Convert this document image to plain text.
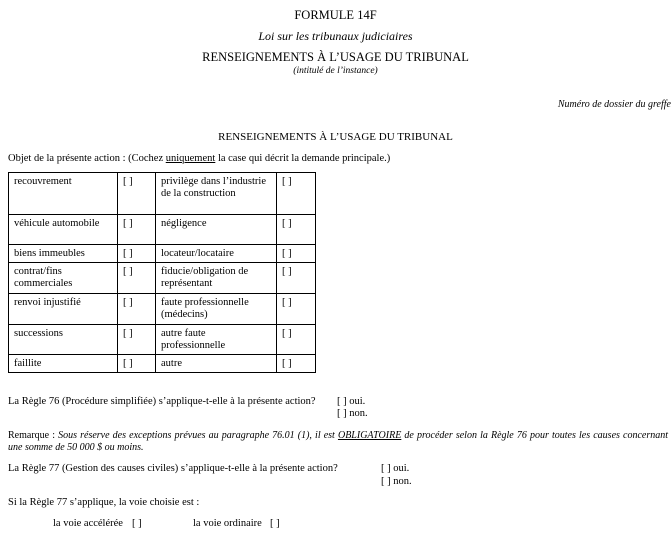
FORMULE 14F
Loi sur les tribunaux judiciaires
RENSEIGNEMENTS À L’USAGE DU TRIBUNAL
(intitulé de l’instance)
Numéro de dossier du greffe
RENSEIGNEMENTS À L’USAGE DU TRIBUNAL
Objet de la présente action : (Cochez uniquement la case qui décrit la demande principale.)
recouvrement	[ ]	privilège dans l’industrie de la construction	[ ]
véhicule automobile	[ ]	négligence	[ ]
biens immeubles	[ ]	locateur/locataire	[ ]
contrat/fins commerciales	[ ]	fiducie/obligation de représentant	[ ]
renvoi injustifié	[ ]	faute professionnelle (médecins)	[ ]
successions	[ ]	autre faute professionnelle	[ ]
faillite	[ ]	autre	[ ]
La Règle 76 (Procédure simplifiée) s’applique-t-elle à la présente action? [ ] oui.
[ ] non.
Remarque : Sous réserve des exceptions prévues au paragraphe 76.01 (1), il est OBLIGATOIRE de procéder selon la Règle 76 pour toutes les causes concernant une somme de 50 000 $ ou moins.
La Règle 77 (Gestion des causes civiles) s’applique-t-elle à la présente action?	[ ] oui.
[ ] non.
Si la Règle 77 s’applique, la voie choisie est :
la voie accélérée [ ]	la voie ordinaire [ ]
